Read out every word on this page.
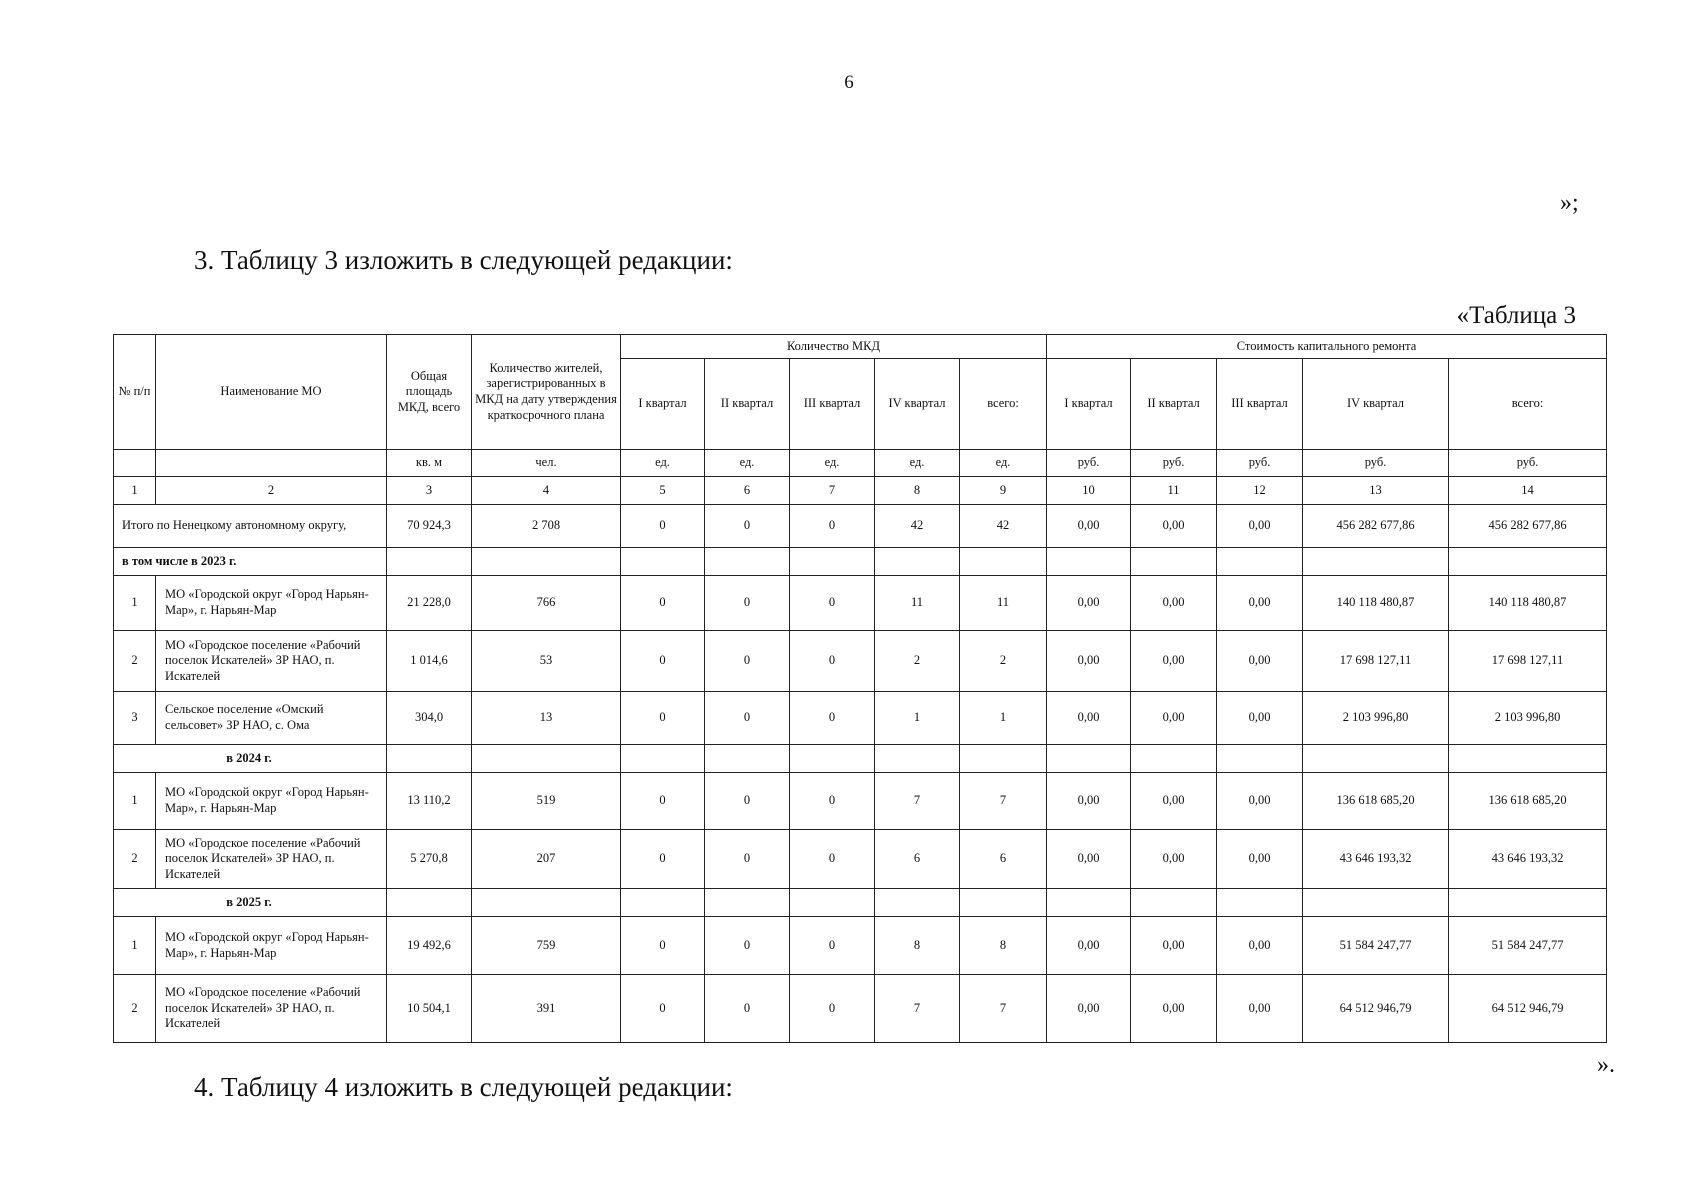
6
»;
3. Таблицу 3 изложить в следующей редакции:
«Таблица 3
№ п/п	Наименование МО	Общая площадь МКД, всего	Количество жителей, зарегистрированных в МКД на дату утверждения краткосрочного плана	Количество МКД					Стоимость капитального ремонта				
				I квартал	II квартал	III квартал	IV квартал	всего:	I квартал	II квартал	III квартал	IV квартал	всего:
		кв. м	чел.	ед.	ед.	ед.	ед.	ед.	руб.	руб.	руб.	руб.	руб.
1	2	3	4	5	6	7	8	9	10	11	12	13	14
Итого по Ненецкому автономному округу,		70 924,3	2 708	0	0	0	42	42	0,00	0,00	0,00	456 282 677,86	456 282 677,86
в том числе в 2023 г.													
1	МО «Городской округ «Город Нарьян-Мар», г. Нарьян-Мар	21 228,0	766	0	0	0	11	11	0,00	0,00	0,00	140 118 480,87	140 118 480,87
2	МО «Городское поселение «Рабочий поселок Искателей» ЗР НАО, п. Искателей	1 014,6	53	0	0	0	2	2	0,00	0,00	0,00	17 698 127,11	17 698 127,11
3	Сельское поселение «Омский сельсовет» ЗР НАО, с. Ома	304,0	13	0	0	0	1	1	0,00	0,00	0,00	2 103 996,80	2 103 996,80
в 2024 г.													
1	МО «Городской округ «Город Нарьян-Мар», г. Нарьян-Мар	13 110,2	519	0	0	0	7	7	0,00	0,00	0,00	136 618 685,20	136 618 685,20
2	МО «Городское поселение «Рабочий поселок Искателей» ЗР НАО, п. Искателей	5 270,8	207	0	0	0	6	6	0,00	0,00	0,00	43 646 193,32	43 646 193,32
в 2025 г.													
1	МО «Городской округ «Город Нарьян-Мар», г. Нарьян-Мар	19 492,6	759	0	0	0	8	8	0,00	0,00	0,00	51 584 247,77	51 584 247,77
2	МО «Городское поселение «Рабочий поселок Искателей» ЗР НАО, п. Искателей	10 504,1	391	0	0	0	7	7	0,00	0,00	0,00	64 512 946,79	64 512 946,79
».
4. Таблицу 4 изложить в следующей редакции:
